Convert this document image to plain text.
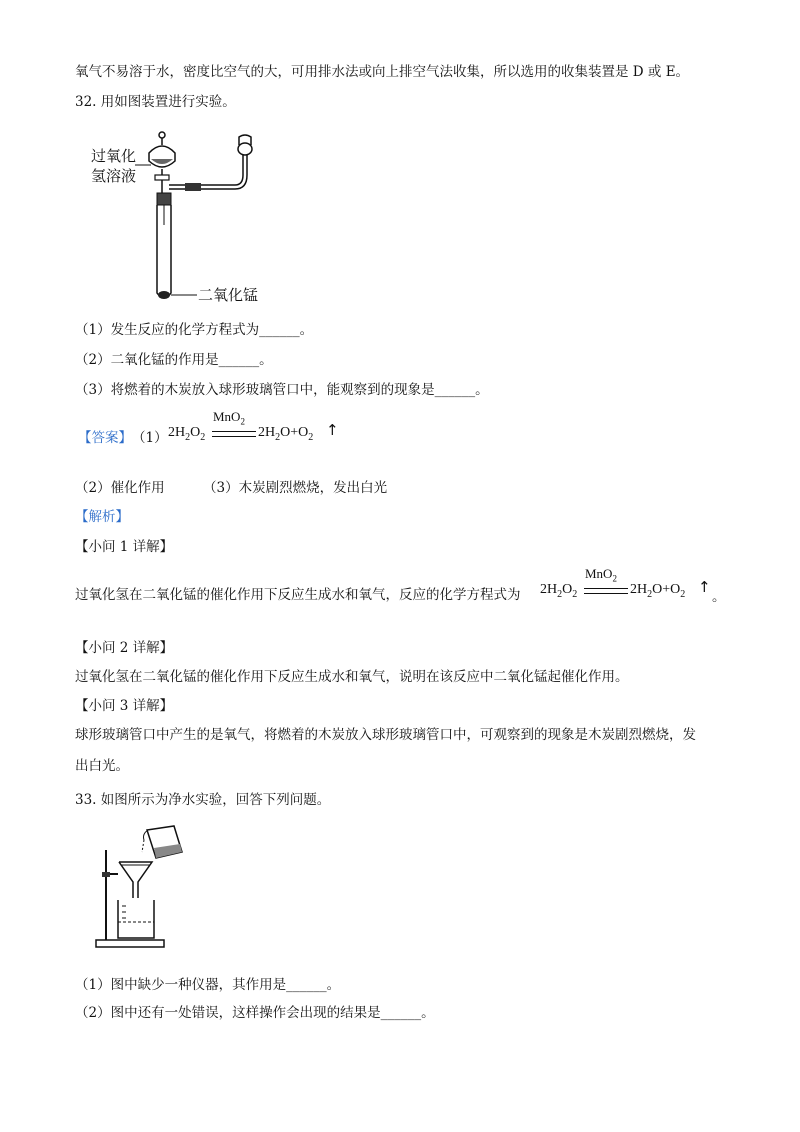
氧气不易溶于水，密度比空气的大，可用排水法或向上排空气法收集，所以选用的收集装置是 D 或 E。
32. 用如图装置进行实验。
过氧化
氢溶液
二氧化锰
（1）发生反应的化学方程式为______。
（2）二氧化锰的作用是______。
（3）将燃着的木炭放入球形玻璃管口中，能观察到的现象是______。
【答案】 （1） $2H_2O_2$
MnO$_2$
$2H_2O+O_2$ ↑
（2）催化作用	（3）木炭剧烈燃烧，发出白光
【解析】
【小问 1 详解】
过氧化氢在二氧化锰的催化作用下反应生成水和氧气，反应的化学方程式为 $2H_2O_2$
MnO$_2$
$2H_2O+O_2$ ↑
。
【小问 2 详解】
过氧化氢在二氧化锰的催化作用下反应生成水和氧气，说明在该反应中二氧化锰起催化作用。
【小问 3 详解】
球形玻璃管口中产生的是氧气，将燃着的木炭放入球形玻璃管口中，可观察到的现象是木炭剧烈燃烧，发
出白光。
33. 如图所示为净水实验，回答下列问题。
（1）图中缺少一种仪器，其作用是______。
（2）图中还有一处错误，这样操作会出现的结果是______。
